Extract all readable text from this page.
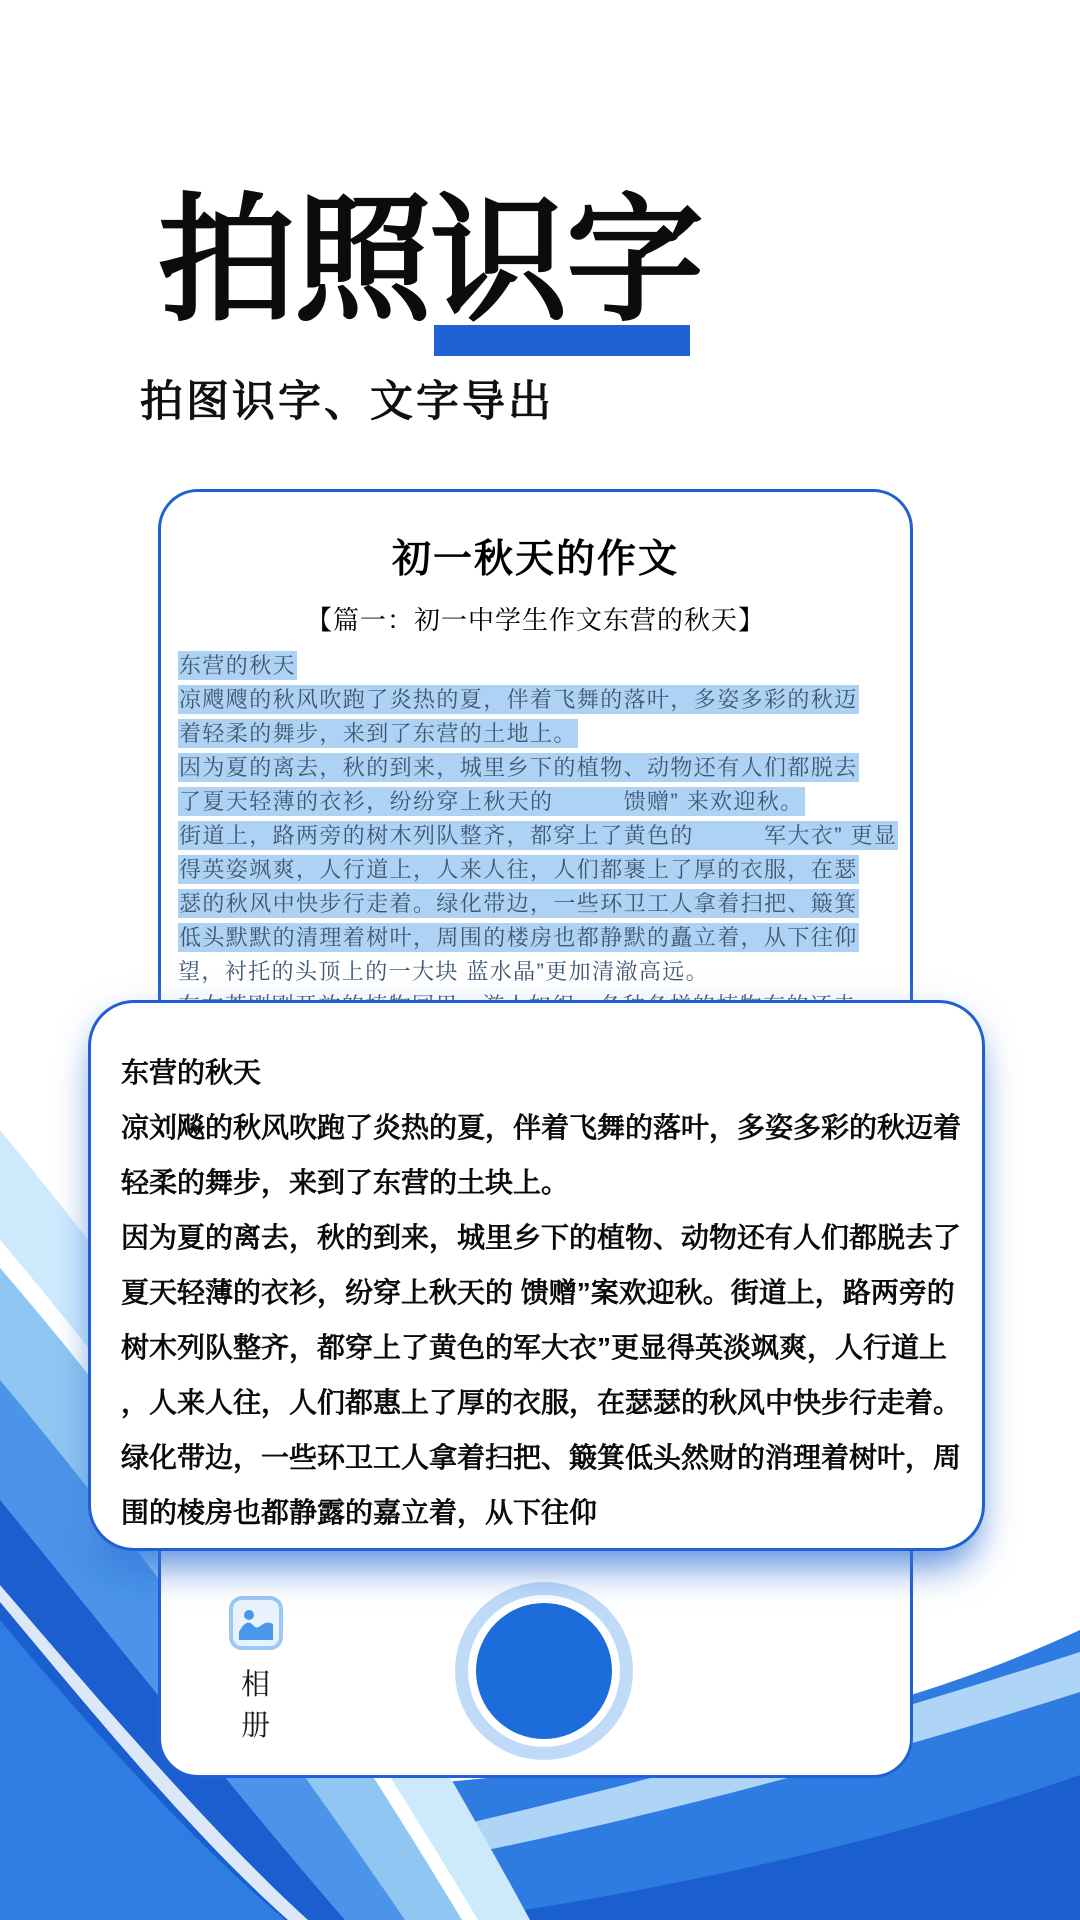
拍照识字
拍图识字、文字导出
初一秋天的作文
【篇一：初一中学生作文东营的秋天】
东营的秋天
凉飕飕的秋风吹跑了炎热的夏，伴着飞舞的落叶，多姿多彩的秋迈
着轻柔的舞步，来到了东营的土地上。
因为夏的离去，秋的到来，城里乡下的植物、动物还有人们都脱去
了夏天轻薄的衣衫，纷纷穿上秋天的　　　馈赠” 来欢迎秋。
街道上，路两旁的树木列队整齐，都穿上了黄色的　　　军大衣” 更显
得英姿飒爽，人行道上，人来人往，人们都裹上了厚的衣服，在瑟
瑟的秋风中快步行走着。绿化带边，一些环卫工人拿着扫把、簸箕
低头默默的清理着树叶，周围的楼房也都静默的矗立着，从下往仰
望，衬托的头顶上的一大块 蓝水晶”更加清澈高远。
相册
东营的秋天
凉刘飚的秋风吹跑了炎热的夏，伴着飞舞的落叶，多姿多彩的秋迈着
轻柔的舞步，来到了东营的土块上。
因为夏的离去，秋的到来，城里乡下的植物、动物还有人们都脱去了
夏天轻薄的衣衫，纷穿上秋天的 馈赠”案欢迎秋。街道上，路两旁的
树木列队整齐，都穿上了黄色的军大衣”更显得英淡飒爽，人行道上
，人来人往，人们都惠上了厚的衣服，在瑟瑟的秋风中快步行走着。
绿化带边，一些环卫工人拿着扫把、簸箕低头然财的消理着树叶，周
围的棱房也都静露的嘉立着，从下往仰
